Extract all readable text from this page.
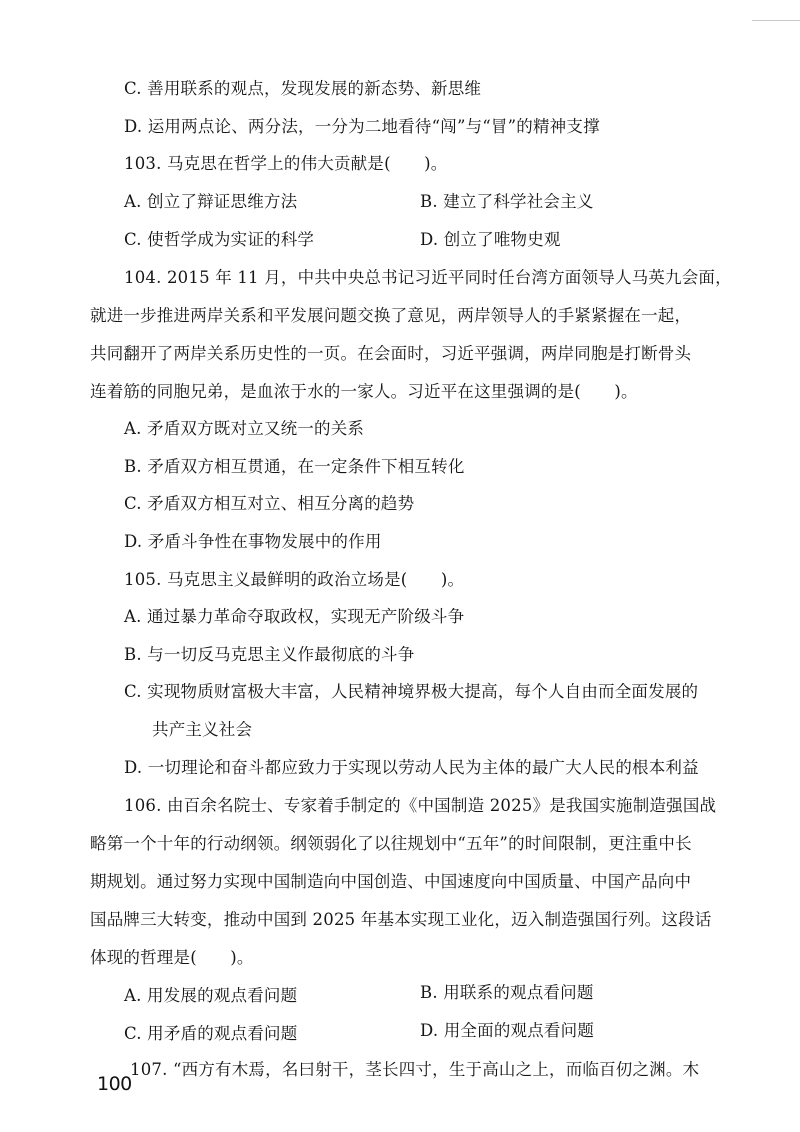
C. 善用联系的观点，发现发展的新态势、新思维
D. 运用两点论、两分法，一分为二地看待“闯”与“冒”的精神支撑
103. 马克思在哲学上的伟大贡献是(　　)。
A. 创立了辩证思维方法	B. 建立了科学社会主义
C. 使哲学成为实证的科学	D. 创立了唯物史观
104. 2015 年 11 月，中共中央总书记习近平同时任台湾方面领导人马英九会面，
就进一步推进两岸关系和平发展问题交换了意见，两岸领导人的手紧紧握在一起，
共同翻开了两岸关系历史性的一页。在会面时，习近平强调，两岸同胞是打断骨头
连着筋的同胞兄弟，是血浓于水的一家人。习近平在这里强调的是(　　)。
A. 矛盾双方既对立又统一的关系
B. 矛盾双方相互贯通，在一定条件下相互转化
C. 矛盾双方相互对立、相互分离的趋势
D. 矛盾斗争性在事物发展中的作用
105. 马克思主义最鲜明的政治立场是(　　)。
A. 通过暴力革命夺取政权，实现无产阶级斗争
B. 与一切反马克思主义作最彻底的斗争
C. 实现物质财富极大丰富，人民精神境界极大提高，每个人自由而全面发展的
共产主义社会
D. 一切理论和奋斗都应致力于实现以劳动人民为主体的最广大人民的根本利益
106. 由百余名院士、专家着手制定的《中国制造 2025》是我国实施制造强国战
略第一个十年的行动纲领。纲领弱化了以往规划中“五年”的时间限制，更注重中长
期规划。通过努力实现中国制造向中国创造、中国速度向中国质量、中国产品向中
国品牌三大转变，推动中国到 2025 年基本实现工业化，迈入制造强国行列。这段话
体现的哲理是(　　)。
A. 用发展的观点看问题	B. 用联系的观点看问题
C. 用矛盾的观点看问题	D. 用全面的观点看问题
107. “西方有木焉，名曰射干，茎长四寸，生于高山之上，而临百仞之渊。木
100
